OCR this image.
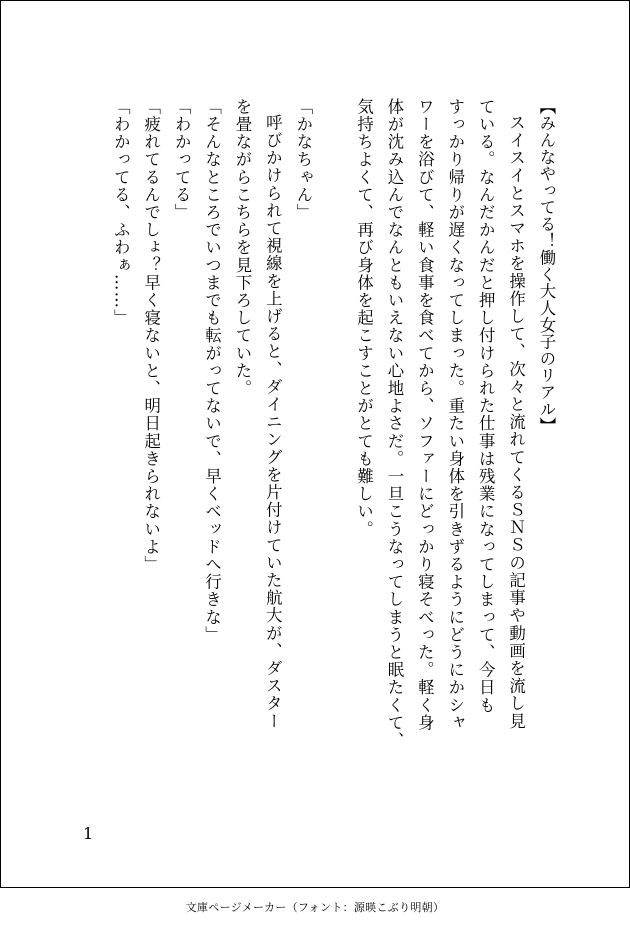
【みんなやってる！働く大人女子のリアル】

スイスイとスマホを操作して、次々と流れてくるＳＮＳの記事や動画を流し見

ている。なんだかんだと押し付けられた仕事は残業になってしまって、今日も

すっかり帰りが遅くなってしまった。重たい身体を引きずるようにどうにかシャ

ワーを浴びて、軽い食事を食べてから、ソファーにどっかり寝そべった。軽く身

体が沈み込んでなんともいえない心地よさだ。一旦こうなってしまうと眠たくて、

気持ちよくて、再び身体を起こすことがとても難しい。

「かなちゃん」

呼びかけられて視線を上げると、ダイニングを片付けていた航大が、ダスター

を畳ながらこちらを見下ろしていた。

「そんなところでいつまでも転がってないで、早くベッドへ行きな」

「わかってる」

「疲れてるんでしょ？早く寝ないと、明日起きられないよ」

「わかってる、ふわぁ……」

1
文庫ページメーカー（フォント：源暎こぶり明朝）
